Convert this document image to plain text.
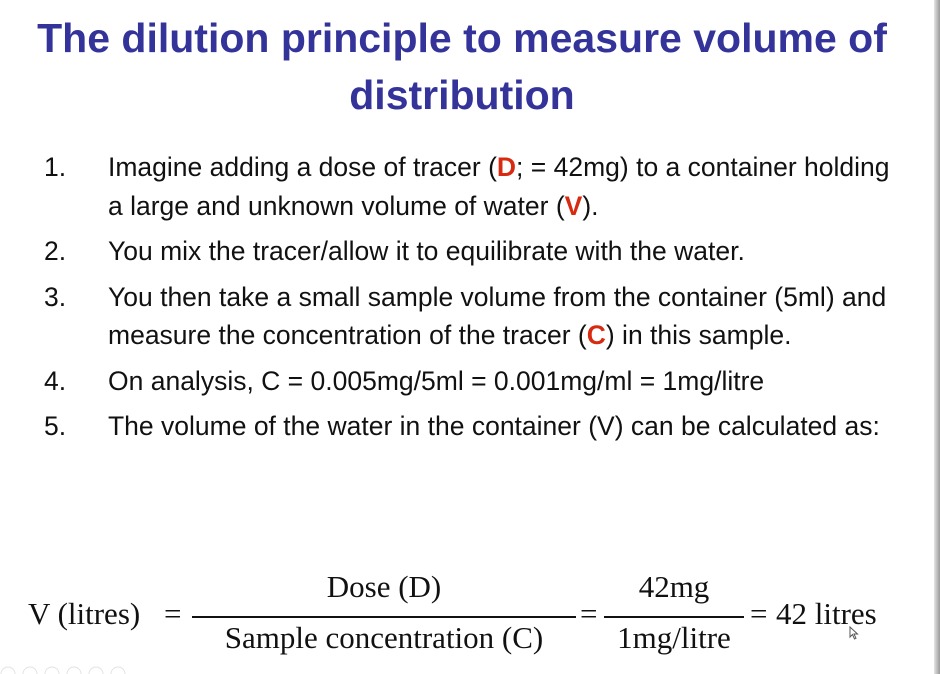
The dilution principle to measure volume of distribution
1. Imagine adding a dose of tracer (D; = 42mg) to a container holding a large and unknown volume of water (V).
2. You mix the tracer/allow it to equilibrate with the water.
3. You then take a small sample volume from the container (5ml) and measure the concentration of the tracer (C) in this sample.
4. On analysis, C = 0.005mg/5ml = 0.001mg/ml = 1mg/litre
5. The volume of the water in the container (V) can be calculated as:
V (litres) =
Dose (D)
Sample concentration (C)
=
42mg
1mg/litre
= 42 litres
